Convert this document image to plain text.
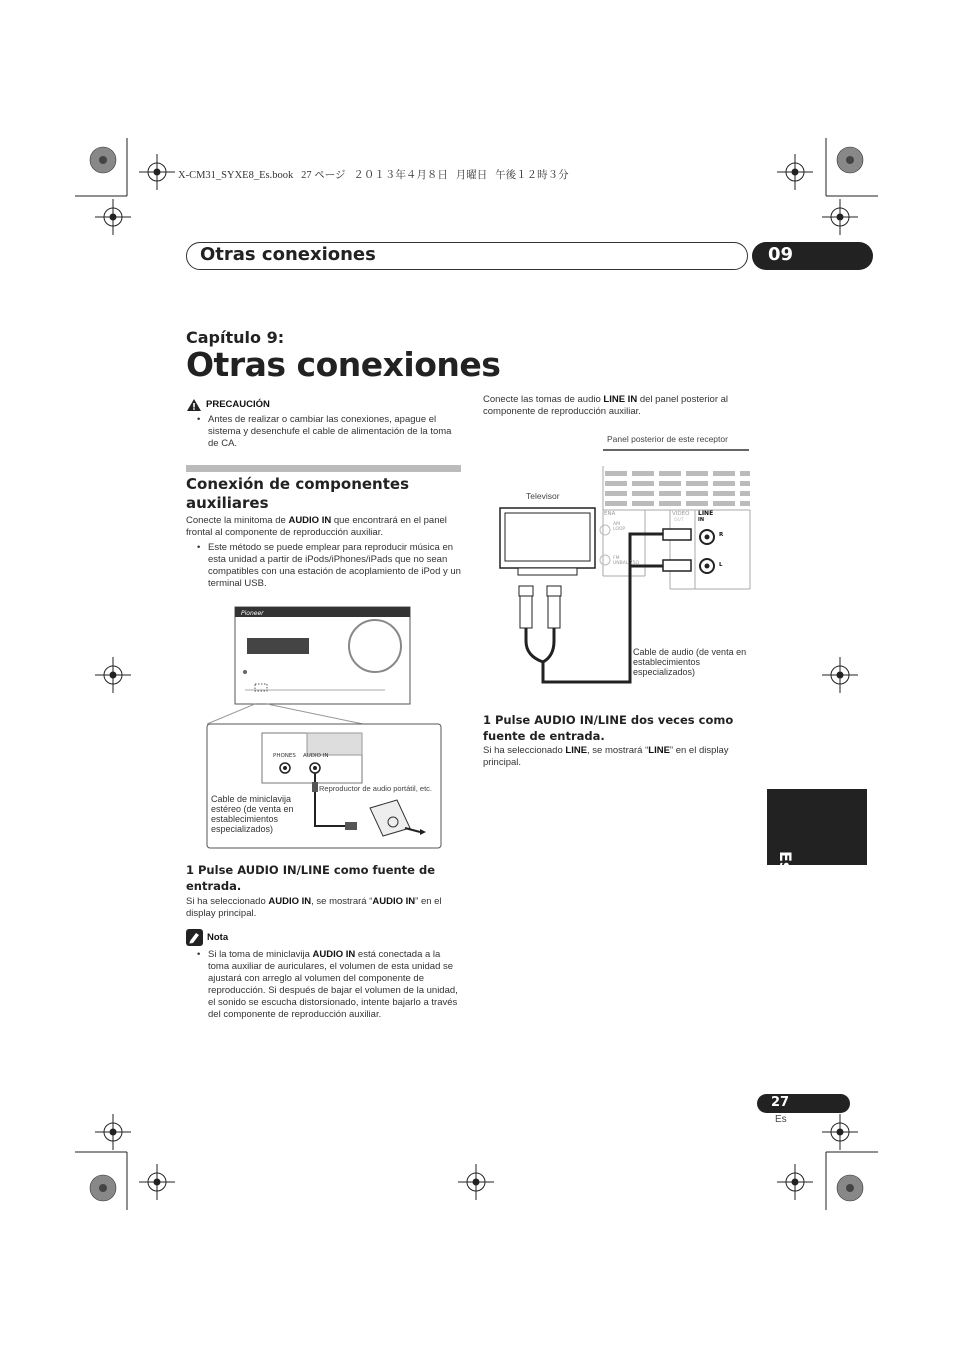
X-CM31_SYXE8_Es.book   27 ページ   ２０１３年４月８日   月曜日   午後１２時３分
Otras conexiones	09
Capítulo 9:
Otras conexiones
PRECAUCIÓN
• Antes de realizar o cambiar las conexiones, apague el sistema y desenchufe el cable de alimentación de la toma de CA.
Conexión de componentes auxiliares
Conecte la minitoma de AUDIO IN que encontrará en el panel frontal al componente de reproducción auxiliar.
• Este método se puede emplear para reproducir música en esta unidad a partir de iPods/iPhones/iPads que no sean compatibles con una estación de acoplamiento de iPod y un terminal USB.
Pioneer
PHONES AUDIO IN
Reproductor de audio portátil, etc.
Cable de miniclavija estéreo (de venta en establecimientos especializados)
1 Pulse AUDIO IN/LINE como fuente de entrada.
Si ha seleccionado AUDIO IN, se mostrará “AUDIO IN” en el display principal.
Nota
• Si la toma de miniclavija AUDIO IN está conectada a la toma auxiliar de auriculares, el volumen de esta unidad se ajustará con arreglo al volumen del componente de reproducción. Si después de bajar el volumen de la unidad, el sonido se escucha distorsionado, intente bajarlo a través del componente de reproducción auxiliar.
Conecte las tomas de audio LINE IN del panel posterior al componente de reproducción auxiliar.
Panel posterior de este receptor
Televisor
ENA
AM
LOOP
FM
UNBAL 75Ω
VIDEO
OUT
LINE
IN
R
L
Cable de audio (de venta en establecimientos especializados)
1 Pulse AUDIO IN/LINE dos veces como fuente de entrada.
Si ha seleccionado LINE, se mostrará “LINE” en el display principal.
Español
27
Es
